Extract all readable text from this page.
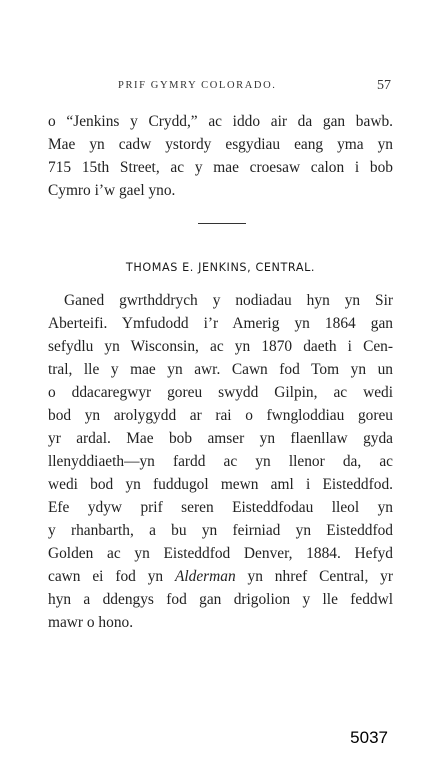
PRIF GYMRY COLORADO.	57
o “Jenkins y Crydd,” ac iddo air da gan bawb.
Mae yn cadw ystordy esgydiau eang yma yn
715 15th Street, ac y mae croesaw calon i bob
Cymro i’w gael yno.
THOMAS E. JENKINS, CENTRAL.
Ganed gwrthddrych y nodiadau hyn yn Sir
Aberteifi. Ymfudodd i’r Amerig yn 1864 gan
sefydlu yn Wisconsin, ac yn 1870 daeth i Cen-
tral, lle y mae yn awr. Cawn fod Tom yn un
o ddacaregwyr goreu swydd Gilpin, ac wedi
bod yn arolygydd ar rai o fwngloddiau goreu
yr ardal. Mae bob amser yn flaenllaw gyda
llenyddiaeth—yn fardd ac yn llenor da, ac
wedi bod yn fuddugol mewn aml i Eisteddfod.
Efe ydyw prif seren Eisteddfodau lleol yn
y rhanbarth, a bu yn feirniad yn Eisteddfod
Golden ac yn Eisteddfod Denver, 1884. Hefyd
cawn ei fod yn Alderman yn nhref Central, yr
hyn a ddengys fod gan drigolion y lle feddwl
mawr o hono.
5037
